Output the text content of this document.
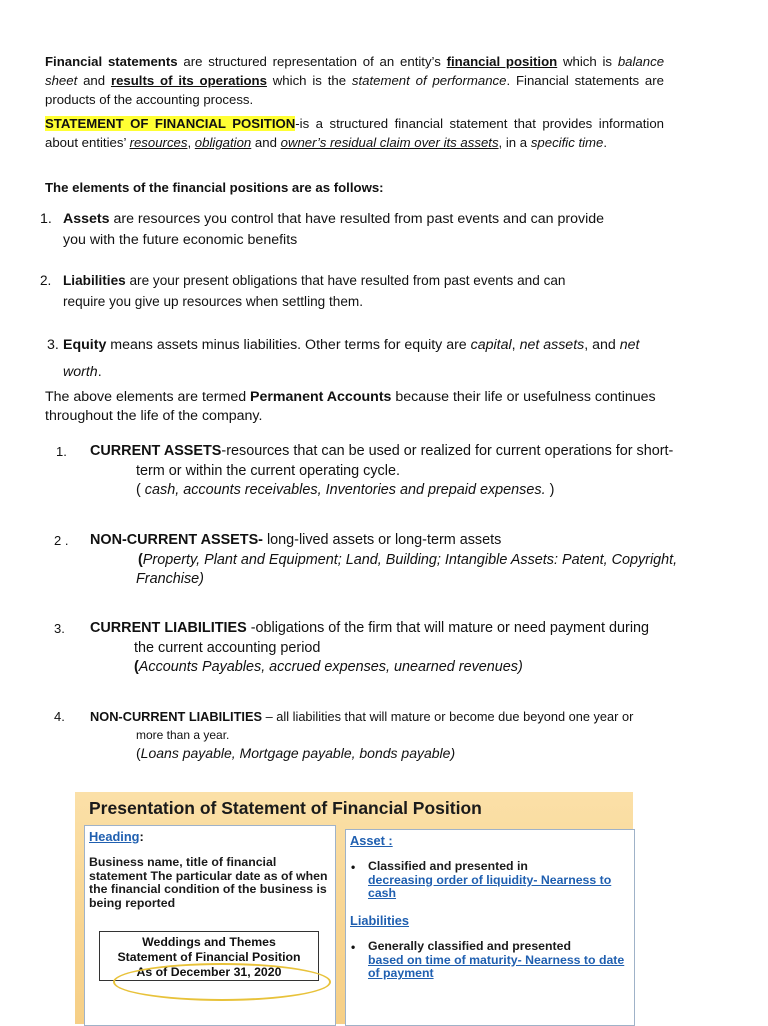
Financial statements are structured representation of an entity’s financial position which is balance sheet and results of its operations which is the statement of performance. Financial statements are products of the accounting process.
STATEMENT OF FINANCIAL POSITION-is a structured financial statement that provides information about entities’ resources, obligation and owner’s residual claim over its assets, in a specific time.
The elements of the financial positions are as follows:
1. Assets are resources you control that have resulted from past events and can provide
you with the future economic benefits
2. Liabilities are your present obligations that have resulted from past events and can
require you give up resources when settling them.
3. Equity means assets minus liabilities. Other terms for equity are capital, net assets, and net
worth.
The above elements are termed Permanent Accounts because their life or usefulness continues throughout the life of the company.
1.	CURRENT ASSETS-resources that can be used or realized for current operations for short-
term or within the current operating cycle.
( cash, accounts receivables, Inventories and prepaid expenses. )
2 .	NON-CURRENT ASSETS- long-lived assets or long-term assets
(Property, Plant and Equipment; Land, Building; Intangible Assets: Patent, Copyright,
Franchise)
3.	CURRENT LIABILITIES -obligations of the firm that will mature or need payment during
the current accounting period
(Accounts Payables, accrued expenses, unearned revenues)
4.	NON-CURRENT LIABILITIES – all liabilities that will mature or become due beyond one year or
more than a year.
(Loans payable, Mortgage payable, bonds payable)
Presentation of Statement of Financial Position
Heading:
Business name, title of financial statement The particular date as of when the financial condition of the business is being reported
Weddings and Themes
Statement of Financial Position
As of December 31, 2020
Asset :
• Classified and presented in
decreasing order of liquidity- Nearness to cash
Liabilities
• Generally classified and presented
based on time of maturity- Nearness to date of payment
